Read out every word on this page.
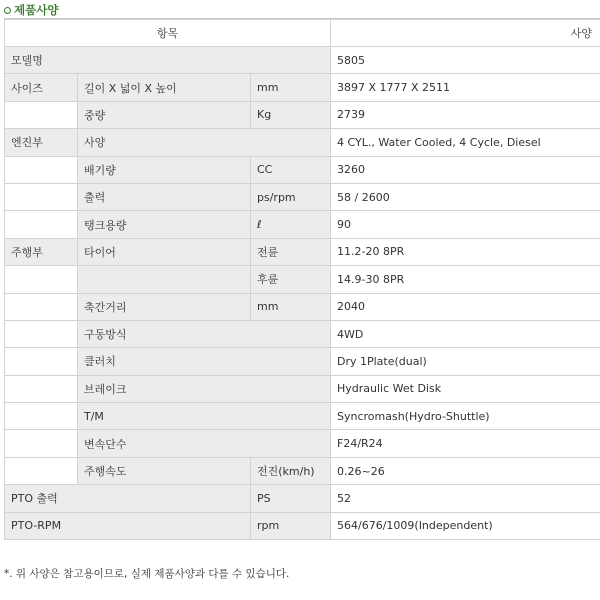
제품사양
항목			사양
모델명			5805
사이즈	길이 X 넓이 X 높이	mm	3897 X 1777 X 2511
	중량	Kg	2739
엔진부	사양		4 CYL., Water Cooled, 4 Cycle, Diesel
	배기량	CC	3260
	출력	ps/rpm	58 / 2600
	탱크용량	ℓ	90
주행부	타이어	전륜	11.2-20 8PR
		후륜	14.9-30 8PR
	축간거리	mm	2040
	구동방식		4WD
	클러치		Dry 1Plate(dual)
	브레이크		Hydraulic Wet Disk
	T/M		Syncromash(Hydro-Shuttle)
	변속단수		F24/R24
	주행속도	전진(km/h)	0.26~26
PTO 출력		PS	52
PTO-RPM		rpm	564/676/1009(Independent)
*. 위 사양은 참고용이므로, 실제 제품사양과 다를 수 있습니다.
